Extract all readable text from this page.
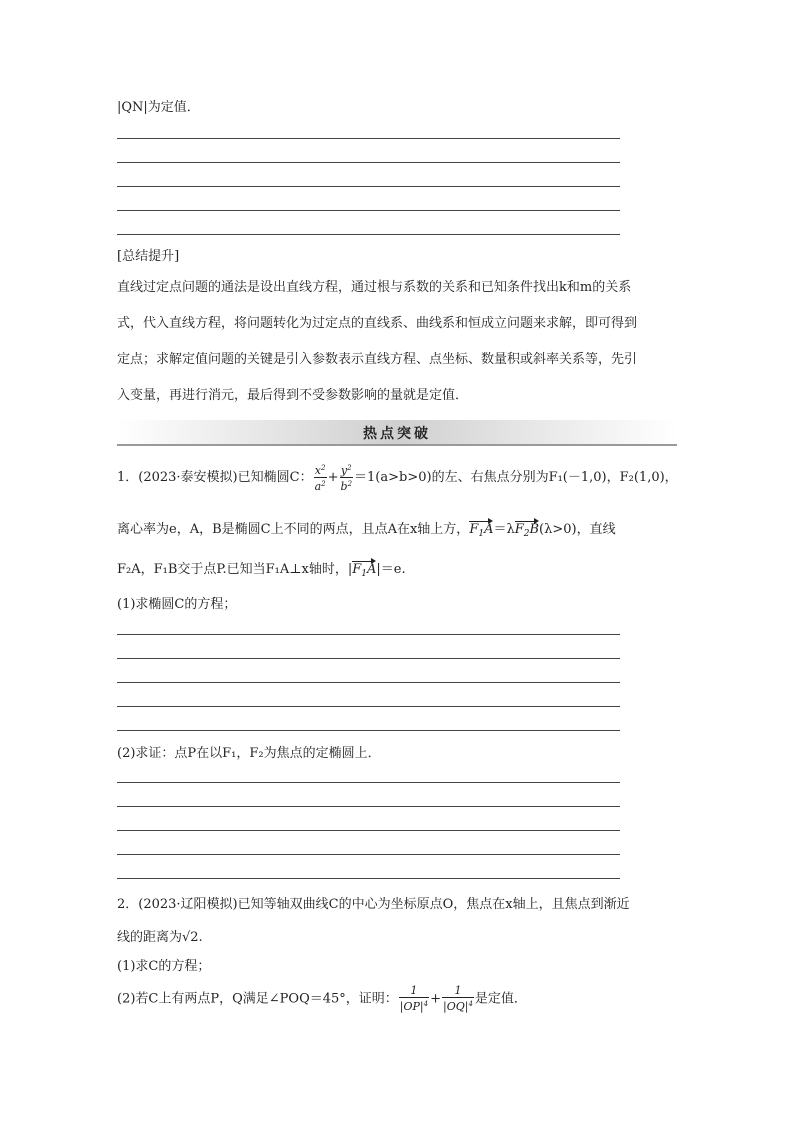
|QN|为定值．
[总结提升]
直线过定点问题的通法是设出直线方程，通过根与系数的关系和已知条件找出k和m的关系
式，代入直线方程，将问题转化为过定点的直线系、曲线系和恒成立问题来求解，即可得到
定点；求解定值问题的关键是引入参数表示直线方程、点坐标、数量积或斜率关系等，先引
入变量，再进行消元，最后得到不受参数影响的量就是定值．
热点突破
1．(2023·泰安模拟)已知椭圆C： $\frac{x^2}{a^2} + \frac{y^2}{b^2} =1(a>b>0)$的左、右焦点分别为F₁(－1,0)，F₂(1,0)，
离心率为e，A，B是椭圆C上不同的两点，且点A在x轴上方，$F_1A=\lambda F_2B(\lambda>0)$，直线
F₂A，F₁B交于点P.已知当F₁A⊥x轴时，$|F_1A|=e$.
(1)求椭圆C的方程；
(2)求证：点P在以F₁，F₂为焦点的定椭圆上．
2．(2023·辽阳模拟)已知等轴双曲线C的中心为坐标原点O，焦点在x轴上，且焦点到渐近
线的距离为√2.
(1)求C的方程；
(2)若C上有两点P，Q满足∠POQ＝45°，证明： $\frac{1}{|OP|^4} + \frac{1}{|OQ|^4}$ 是定值．
